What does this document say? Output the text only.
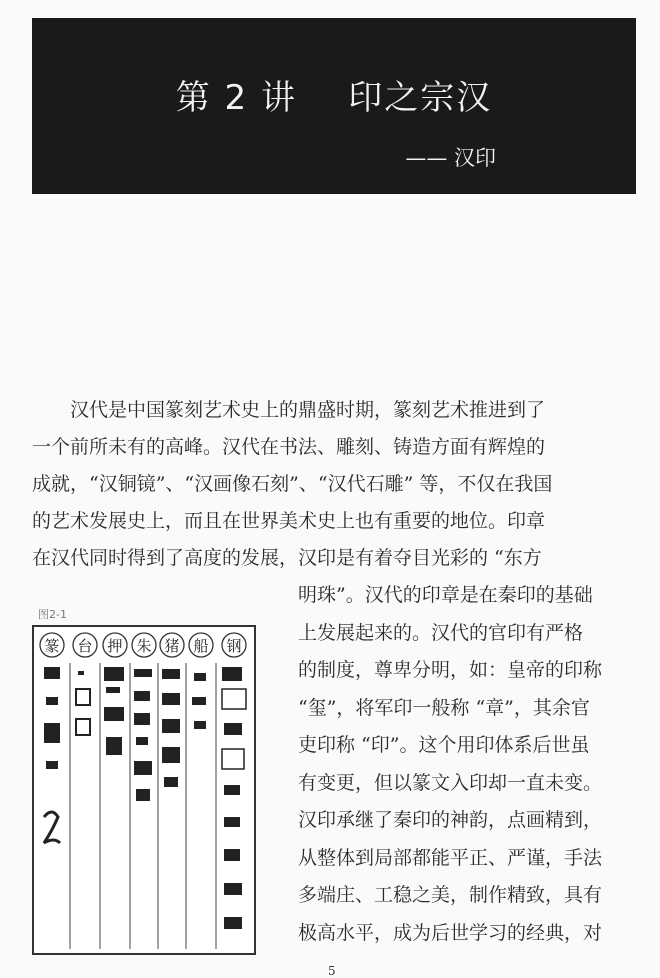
第 2 讲    印之宗汉
—— 汉印
　　汉代是中国篆刻艺术史上的鼎盛时期，篆刻艺术推进到了
一个前所未有的高峰。汉代在书法、雕刻、铸造方面有辉煌的
成就，“汉铜镜”、“汉画像石刻”、“汉代石雕” 等，不仅在我国
的艺术发展史上，而且在世界美术史上也有重要的地位。印章
在汉代同时得到了高度的发展，汉印是有着夺目光彩的 “东方
明珠”。汉代的印章是在秦印的基础
上发展起来的。汉代的官印有严格
的制度，尊卑分明，如：皇帝的印称
“玺”，将军印一般称 “章”，其余官
吏印称 “印”。这个用印体系后世虽
有变更，但以篆文入印却一直未变。
汉印承继了秦印的神韵，点画精到，
从整体到局部都能平正、严谨，手法
多端庄、工稳之美，制作精致，具有
极高水平，成为后世学习的经典，对
图2-1
篆 台 押 朱 猪 船 钢
5
